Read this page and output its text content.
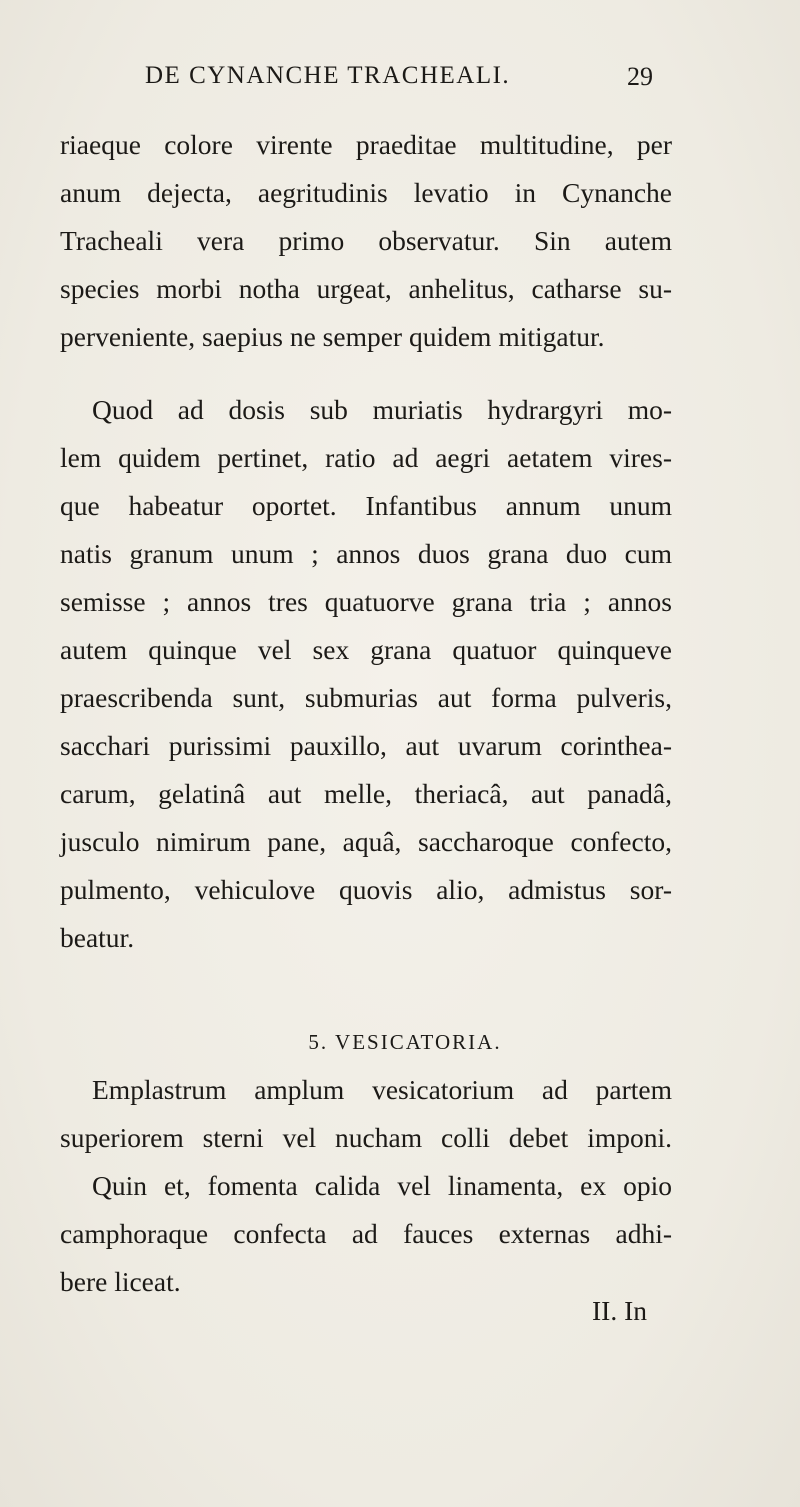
DE CYNANCHE TRACHEALI.	29
riaeque colore virente praeditae multitudine, per
anum dejecta, aegritudinis levatio in Cynanche
Tracheali vera primo observatur. Sin autem
species morbi notha urgeat, anhelitus, catharse su-
perveniente, saepius ne semper quidem mitigatur.
Quod ad dosis sub muriatis hydrargyri mo-
lem quidem pertinet, ratio ad aegri aetatem vires-
que habeatur oportet. Infantibus annum unum
natis granum unum ; annos duos grana duo cum
semisse ; annos tres quatuorve grana tria ; annos
autem quinque vel sex grana quatuor quinqueve
praescribenda sunt, submurias aut forma pulveris,
sacchari purissimi pauxillo, aut uvarum corinthea-
carum, gelatinâ aut melle, theriacâ, aut panadâ,
jusculo nimirum pane, aquâ, saccharoque confecto,
pulmento, vehiculove quovis alio, admistus sor-
beatur.
5. VESICATORIA.
Emplastrum amplum vesicatorium ad partem
superiorem sterni vel nucham colli debet imponi.
Quin et, fomenta calida vel linamenta, ex opio
camphoraque confecta ad fauces externas adhi-
bere liceat.
II. In
